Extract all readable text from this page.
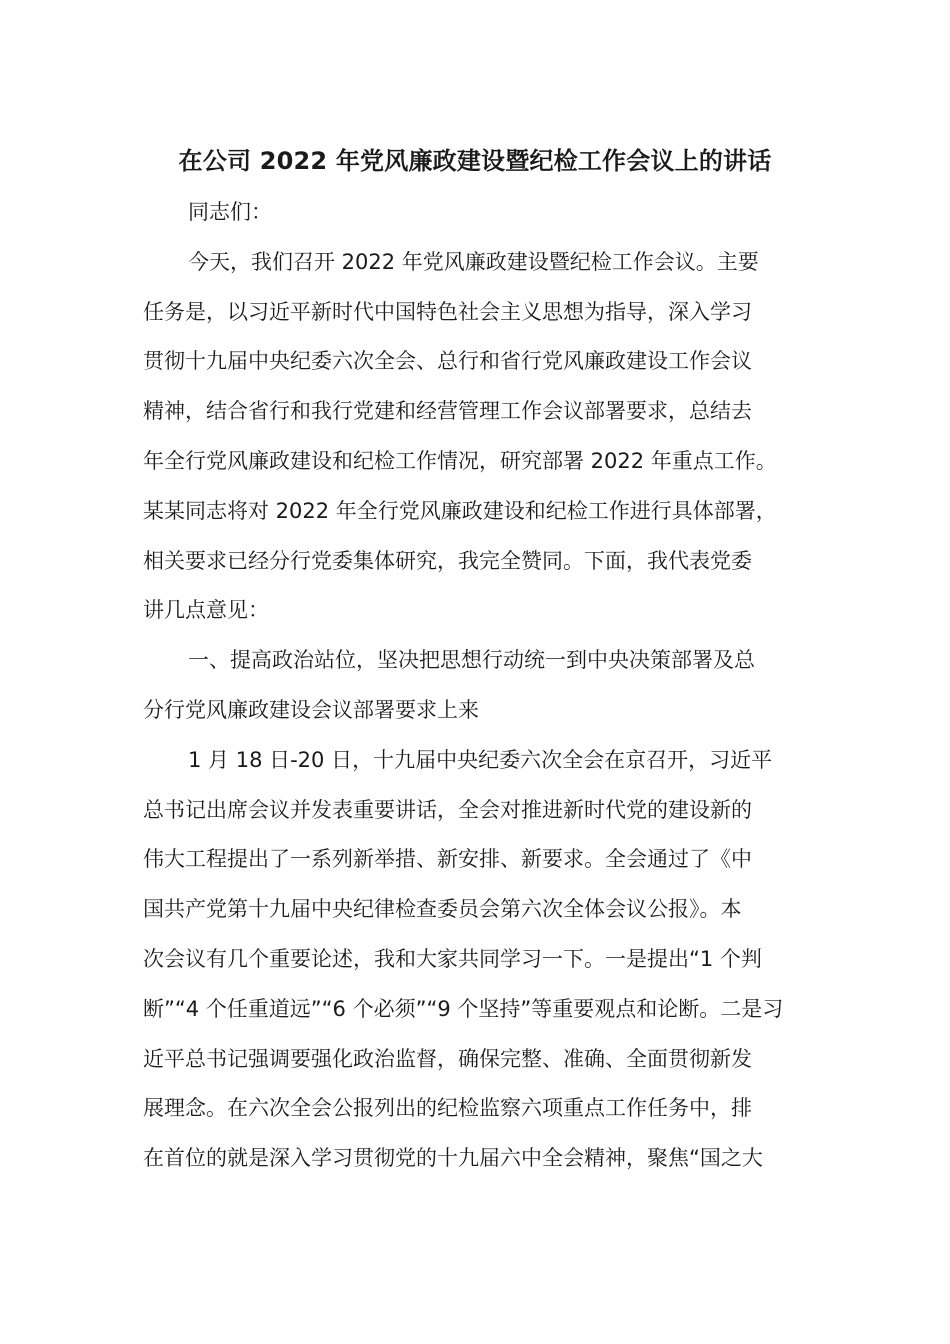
在公司 2022 年党风廉政建设暨纪检工作会议上的讲话
同志们：
今天，我们召开 2022 年党风廉政建设暨纪检工作会议。主要
任务是，以习近平新时代中国特色社会主义思想为指导，深入学习
贯彻十九届中央纪委六次全会、总行和省行党风廉政建设工作会议
精神，结合省行和我行党建和经营管理工作会议部署要求，总结去
年全行党风廉政建设和纪检工作情况，研究部署 2022 年重点工作。
某某同志将对 2022 年全行党风廉政建设和纪检工作进行具体部署，
相关要求已经分行党委集体研究，我完全赞同。下面，我代表党委
讲几点意见：
一、提高政治站位，坚决把思想行动统一到中央决策部署及总
分行党风廉政建设会议部署要求上来
1 月 18 日-20 日，十九届中央纪委六次全会在京召开，习近平
总书记出席会议并发表重要讲话，全会对推进新时代党的建设新的
伟大工程提出了一系列新举措、新安排、新要求。全会通过了《中
国共产党第十九届中央纪律检查委员会第六次全体会议公报》。本
次会议有几个重要论述，我和大家共同学习一下。一是提出“1 个判
断”“4 个任重道远”“6 个必须”“9 个坚持”等重要观点和论断。二是习
近平总书记强调要强化政治监督，确保完整、准确、全面贯彻新发
展理念。在六次全会公报列出的纪检监察六项重点工作任务中，排
在首位的就是深入学习贯彻党的十九届六中全会精神，聚焦“国之大
